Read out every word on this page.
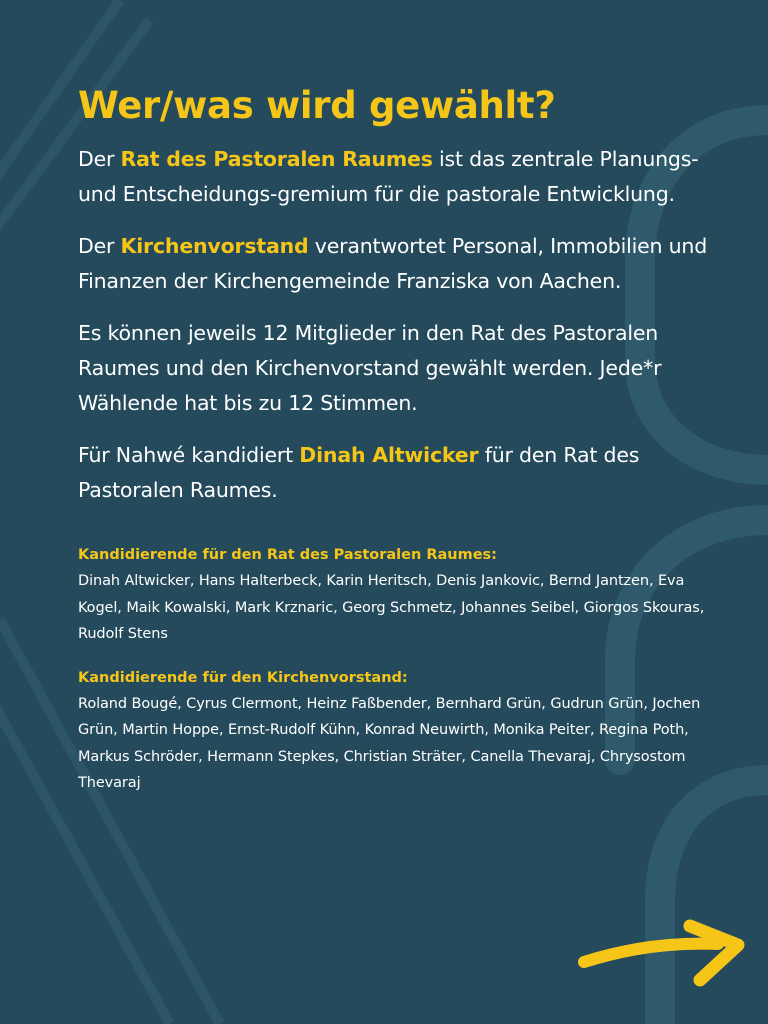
Wer/was wird gewählt?

Der Rat des Pastoralen Raumes ist das zentrale Planungs- und Entscheidungs-gremium für die pastorale Entwicklung.

Der Kirchenvorstand verantwortet Personal, Immobilien und Finanzen der Kirchengemeinde Franziska von Aachen.

Es können jeweils 12 Mitglieder in den Rat des Pastoralen Raumes und den Kirchenvorstand gewählt werden. Jede*r Wählende hat bis zu 12 Stimmen.

Für Nahwé kandidiert Dinah Altwicker für den Rat des Pastoralen Raumes.

Kandidierende für den Rat des Pastoralen Raumes:

Dinah Altwicker, Hans Halterbeck, Karin Heritsch, Denis Jankovic, Bernd Jantzen, Eva Kogel, Maik Kowalski, Mark Krznaric, Georg Schmetz, Johannes Seibel, Giorgos Skouras, Rudolf Stens

Kandidierende für den Kirchenvorstand:

Roland Bougé, Cyrus Clermont, Heinz Faßbender, Bernhard Grün, Gudrun Grün, Jochen Grün, Martin Hoppe, Ernst-Rudolf Kühn, Konrad Neuwirth, Monika Peiter, Regina Poth, Markus Schröder, Hermann Stepkes, Christian Sträter, Canella Thevaraj, Chrysostom Thevaraj
